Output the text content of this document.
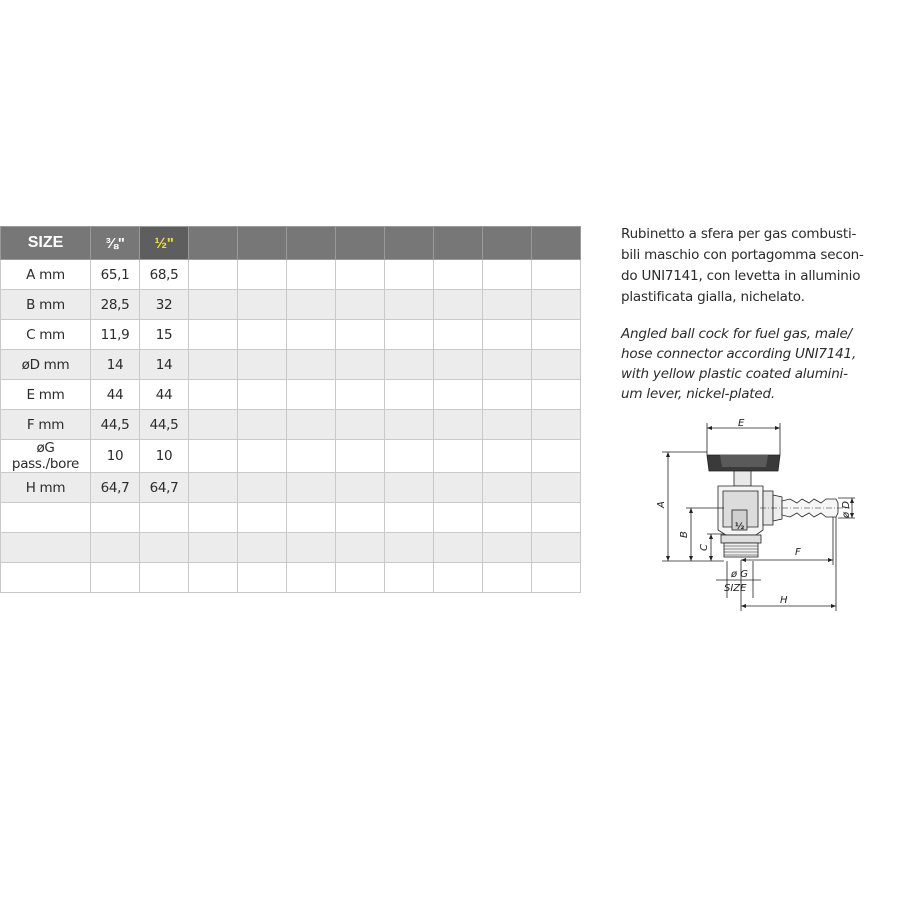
SIZE	⅜"	½"								
A mm	65,1	68,5								
B mm	28,5	32								
C mm	11,9	15								
øD mm	14	14								
E mm	44	44								
F mm	44,5	44,5								
øG pass./bore	10	10								
H mm	64,7	64,7								

Rubinetto a sfera per gas combusti-
bili maschio con portagomma secon-
do UNI7141, con levetta in alluminio
plastificata gialla, nichelato.
Angled ball cock for fuel gas, male/
hose connector according UNI7141,
with yellow plastic coated alumini-
um lever, nickel-plated.
E
A
B
C
ø D
F
ø G
SIZE
H
½
